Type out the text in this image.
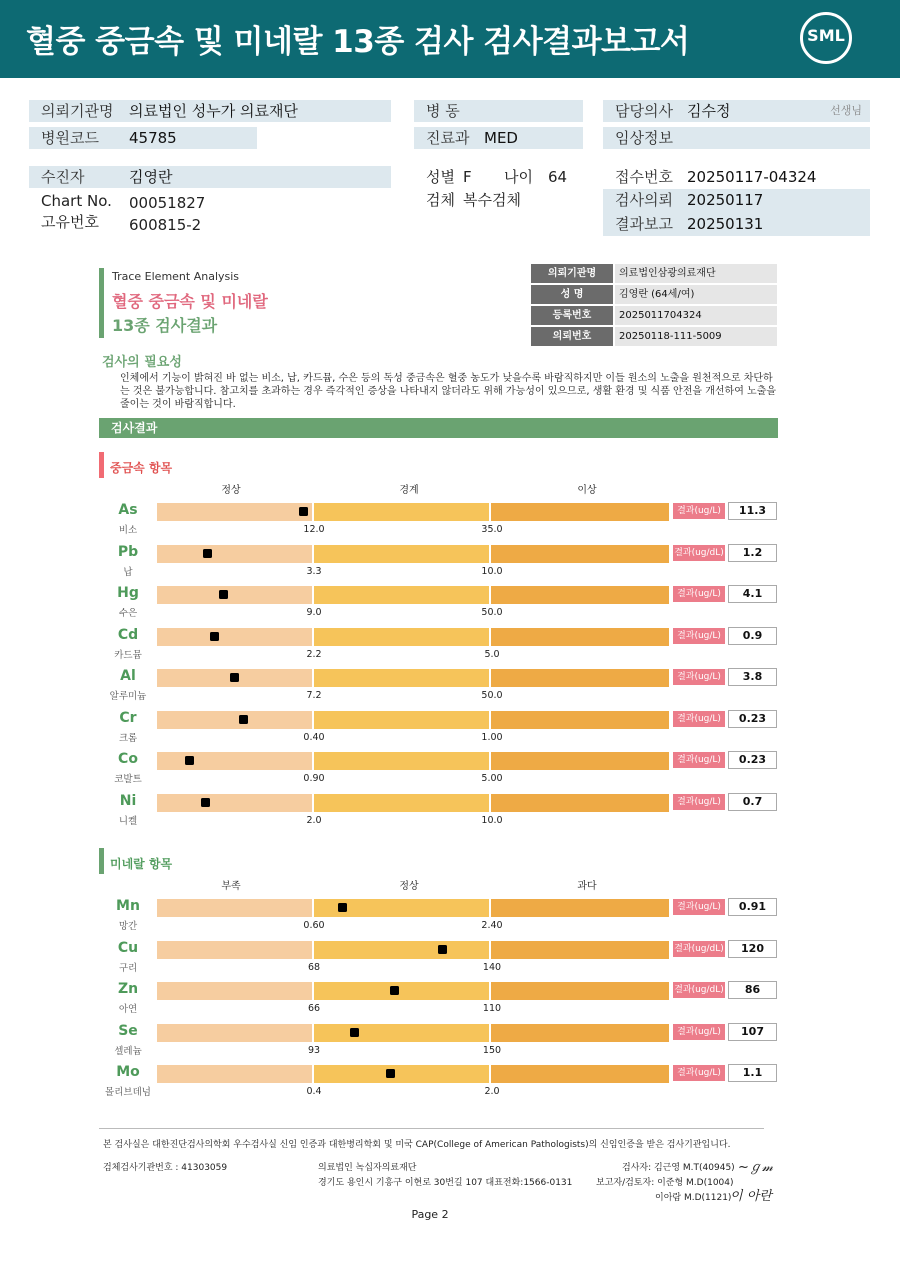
혈중 중금속 및 미네랄 13종 검사 검사결과보고서	SML
의뢰기관명 의료법인 성누가 의료재단
병원코드 45785
병 동
진료과 MED
담당의사 김수정	선생님
임상정보
수진자	김영란
Chart No. 00051827
고유번호 600815-2
성별 F 나이 64
검체 복수검체
접수번호 20250117-04324
검사의뢰 20250117
결과보고 20250131
Trace Element Analysis
혈중 중금속 및 미네랄
13종 검사결과
의뢰기관명	의료법인삼광의료재단
성 명	김영란 (64세/여)
등록번호	2025011704324
의뢰번호	20250118-111-5009
검사의 필요성
인체에서 기능이 밝혀진 바 없는 비소, 납, 카드뮴, 수은 등의 독성 중금속은 혈중 농도가 낮을수록 바람직하지만 이들 원소의 노출을 원천적으로 차단하는 것은 불가능합니다. 참고치를 초과하는 경우 즉각적인 증상을 나타내지 않더라도 위해 가능성이 있으므로, 생활 환경 및 식품 안전을 개선하여 노출을 줄이는 것이 바람직합니다.
검사결과
중금속 항목
정상	경계	이상
As
비소	12.0	35.0
결과(ug/L)	11.3
Pb
납	3.3	10.0
결과(ug/dL)	1.2
Hg
수은	9.0	50.0
결과(ug/L)	4.1
Cd
카드뮴	2.2	5.0
결과(ug/L)	0.9
Al
알루미늄	7.2	50.0
결과(ug/L)	3.8
Cr
크롬	0.40	1.00
결과(ug/L)	0.23
Co
코발트	0.90	5.00
결과(ug/L)	0.23
Ni
니켈	2.0	10.0
결과(ug/L)	0.7
미네랄 항목
부족	정상	과다
Mn
망간	0.60	2.40
결과(ug/L)	0.91
Cu
구리	68	140
결과(ug/dL)	120
Zn
아연	66	110
결과(ug/dL)	86
Se
셀레늄	93	150
결과(ug/L)	107
Mo
몰리브데넘	0.4	2.0
결과(ug/L)	1.1
본 검사실은 대한진단검사의학회 우수검사실 신임 인증과 대한병리학회 및 미국 CAP(College of American Pathologists)의 신임인증을 받은 검사기관입니다.
검체검사기관번호 : 41303059	의료법인 녹십자의료재단
경기도 용인시 기흥구 이현로 30번길 107 대표전화:1566-0131
검사자: 김근영 M.T(40945)
보고자/검토자: 이준형 M.D(1004)
이아람 M.D(1121)
~ℊ𝓂
이 아란
Page 2
